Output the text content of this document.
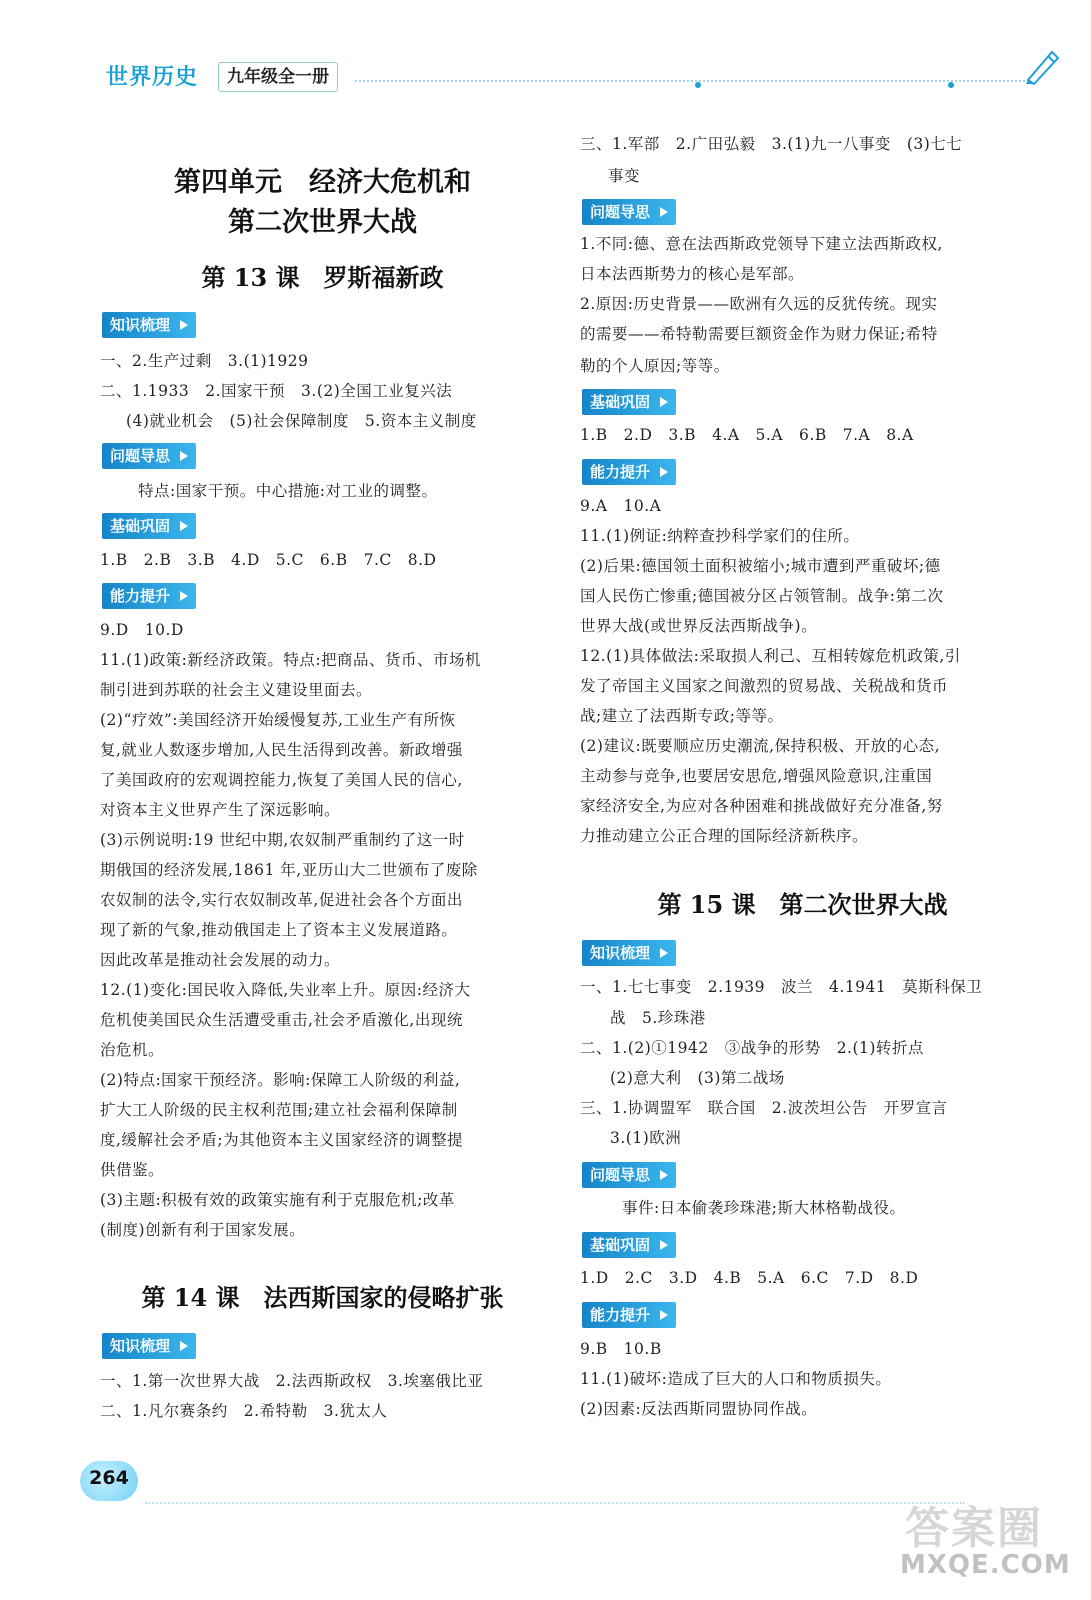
世界历史	九年级全一册
第四单元　经济大危机和
第二次世界大战
第 13 课　罗斯福新政
知识梳理
一、2.生产过剩　3.(1)1929
二、1.1933　2.国家干预　3.(2)全国工业复兴法
(4)就业机会　(5)社会保障制度　5.资本主义制度
问题导思
特点:国家干预。中心措施:对工业的调整。
基础巩固
1.B　2.B　3.B　4.D　5.C　6.B　7.C　8.D
能力提升
9.D　10.D
11.(1)政策:新经济政策。特点:把商品、货币、市场机
制引进到苏联的社会主义建设里面去。
(2)“疗效”:美国经济开始缓慢复苏,工业生产有所恢
复,就业人数逐步增加,人民生活得到改善。新政增强
了美国政府的宏观调控能力,恢复了美国人民的信心,
对资本主义世界产生了深远影响。
(3)示例说明:19 世纪中期,农奴制严重制约了这一时
期俄国的经济发展,1861 年,亚历山大二世颁布了废除
农奴制的法令,实行农奴制改革,促进社会各个方面出
现了新的气象,推动俄国走上了资本主义发展道路。
因此改革是推动社会发展的动力。
12.(1)变化:国民收入降低,失业率上升。原因:经济大
危机使美国民众生活遭受重击,社会矛盾激化,出现统
治危机。
(2)特点:国家干预经济。影响:保障工人阶级的利益,
扩大工人阶级的民主权利范围;建立社会福利保障制
度,缓解社会矛盾;为其他资本主义国家经济的调整提
供借鉴。
(3)主题:积极有效的政策实施有利于克服危机;改革
(制度)创新有利于国家发展。
第 14 课　法西斯国家的侵略扩张
知识梳理
一、1.第一次世界大战　2.法西斯政权　3.埃塞俄比亚
二、1.凡尔赛条约　2.希特勒　3.犹太人
三、1.军部　2.广田弘毅　3.(1)九一八事变　(3)七七
事变
问题导思
1.不同:德、意在法西斯政党领导下建立法西斯政权,
日本法西斯势力的核心是军部。
2.原因:历史背景——欧洲有久远的反犹传统。现实
的需要——希特勒需要巨额资金作为财力保证;希特
勒的个人原因;等等。
基础巩固
1.B　2.D　3.B　4.A　5.A　6.B　7.A　8.A
能力提升
9.A　10.A
11.(1)例证:纳粹查抄科学家们的住所。
(2)后果:德国领土面积被缩小;城市遭到严重破坏;德
国人民伤亡惨重;德国被分区占领管制。战争:第二次
世界大战(或世界反法西斯战争)。
12.(1)具体做法:采取损人利己、互相转嫁危机政策,引
发了帝国主义国家之间激烈的贸易战、关税战和货币
战;建立了法西斯专政;等等。
(2)建议:既要顺应历史潮流,保持积极、开放的心态,
主动参与竞争,也要居安思危,增强风险意识,注重国
家经济安全,为应对各种困难和挑战做好充分准备,努
力推动建立公正合理的国际经济新秩序。
第 15 课　第二次世界大战
知识梳理
一、1.七七事变　2.1939　波兰　4.1941　莫斯科保卫
战　5.珍珠港
二、1.(2)①1942　③战争的形势　2.(1)转折点
(2)意大利　(3)第二战场
三、1.协调盟军　联合国　2.波茨坦公告　开罗宣言
3.(1)欧洲
问题导思
事件:日本偷袭珍珠港;斯大林格勒战役。
基础巩固
1.D　2.C　3.D　4.B　5.A　6.C　7.D　8.D
能力提升
9.B　10.B
11.(1)破坏:造成了巨大的人口和物质损失。
(2)因素:反法西斯同盟协同作战。
264
答案圈
MXQE.COM
